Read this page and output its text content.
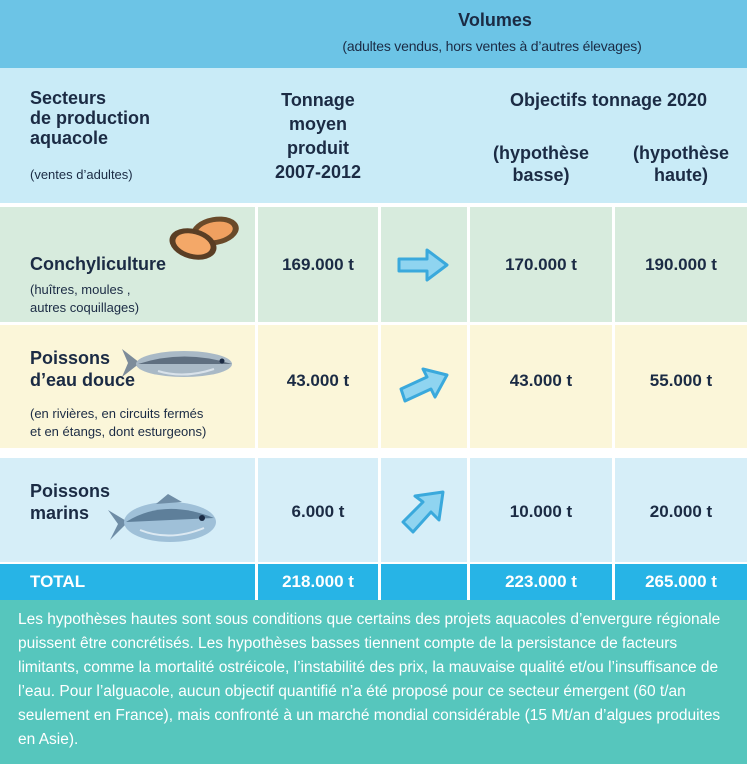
Volumes
(adultes vendus, hors ventes à d’autres élevages)
Secteurs
de production
aquacole
(ventes d’adultes)
Tonnage
moyen
produit
2007-2012
Objectifs tonnage 2020
(hypothèse
basse)
(hypothèse
haute)
Conchyliculture
(huîtres, moules ,
autres coquillages)
169.000 t	170.000 t	190.000 t
Poissons
d’eau douce
(en rivières, en circuits fermés
et en étangs, dont esturgeons)
43.000 t	43.000 t	55.000 t
Poissons
marins	6.000 t	10.000 t	20.000 t
TOTAL	218.000 t	223.000 t	265.000 t

Les hypothèses hautes sont sous conditions que certains des projets aquacoles d’envergure régionale puissent être concrétisés. Les hypothèses basses tiennent compte de la persistance de facteurs limitants, comme la mortalité ostréicole, l’instabilité des prix, la mauvaise qualité et/ou l’insuffisance de l’eau. Pour l’alguacole, aucun objectif quantifié n’a été proposé pour ce secteur émergent (60 t/an seulement en France), mais confronté à un marché mondial considérable (15 Mt/an d’algues produites en Asie).
